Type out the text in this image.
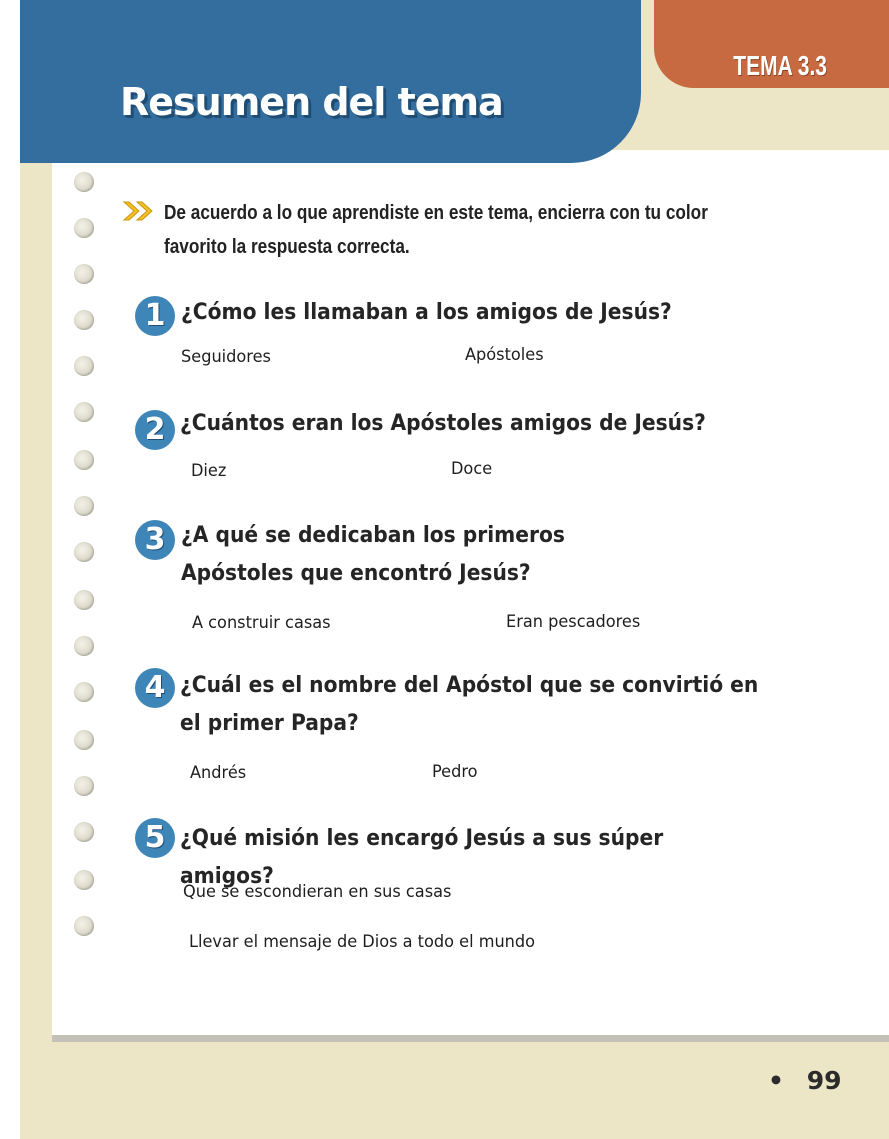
Resumen del tema
TEMA 3.3

De acuerdo a lo que aprendiste en este tema, encierra con tu color favorito la respuesta correcta.

1 ¿Cómo les llamaban a los amigos de Jesús?

Seguidores	Apóstoles
2 ¿Cuántos eran los Apóstoles amigos de Jesús?

Diez	Doce
3 ¿A qué se dedicaban los primeros Apóstoles que encontró Jesús?

A construir casas	Eran pescadores
4 ¿Cuál es el nombre del Apóstol que se convirtió en el primer Papa?

Andrés	Pedro
5 ¿Qué misión les encargó Jesús a sus súper amigos?

Que se escondieran en sus casas
Llevar el mensaje de Dios a todo el mundo
• 99
